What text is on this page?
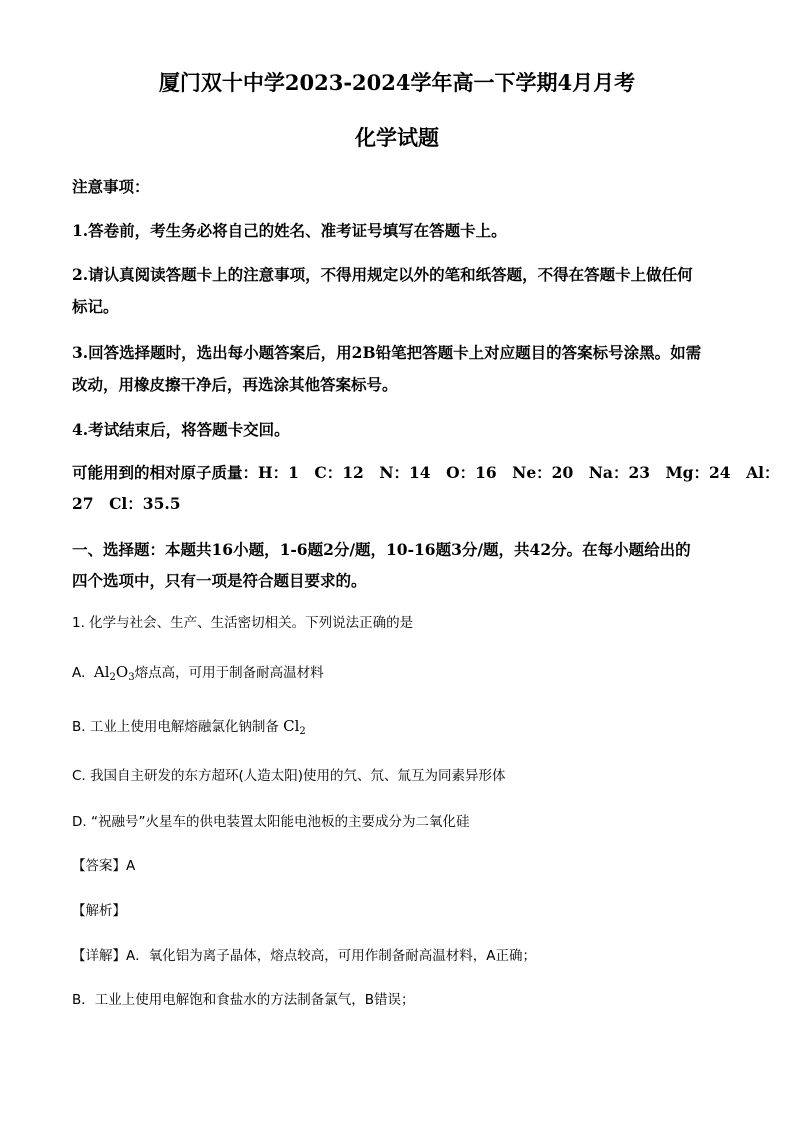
厦门双十中学2023-2024学年高一下学期4月月考
化学试题
注意事项：
1.答卷前，考生务必将自己的姓名、准考证号填写在答题卡上。
2.请认真阅读答题卡上的注意事项，不得用规定以外的笔和纸答题，不得在答题卡上做任何
标记。
3.回答选择题时，选出每小题答案后，用2B铅笔把答题卡上对应题目的答案标号涂黑。如需
改动，用橡皮擦干净后，再选涂其他答案标号。
4.考试结束后，将答题卡交回。
可能用到的相对原子质量：H：1　C：12　N：14　O：16　Ne：20　Na：23　Mg：24　Al：
27　Cl：35.5
一、选择题：本题共16小题，1-6题2分/题，10-16题3分/题，共42分。在每小题给出的
四个选项中，只有一项是符合题目要求的。
1. 化学与社会、生产、生活密切相关。下列说法正确的是
A. $Al_2O_3$熔点高，可用于制备耐高温材料
B. 工业上使用电解熔融氯化钠制备 $Cl_2$
C. 我国自主研发的东方超环(人造太阳)使用的氕、氘、氚互为同素异形体
D. “祝融号”火星车的供电装置太阳能电池板的主要成分为二氧化硅
【答案】A
【解析】
【详解】A．氧化铝为离子晶体，熔点较高，可用作制备耐高温材料，A正确；
B．工业上使用电解饱和食盐水的方法制备氯气，B错误；
